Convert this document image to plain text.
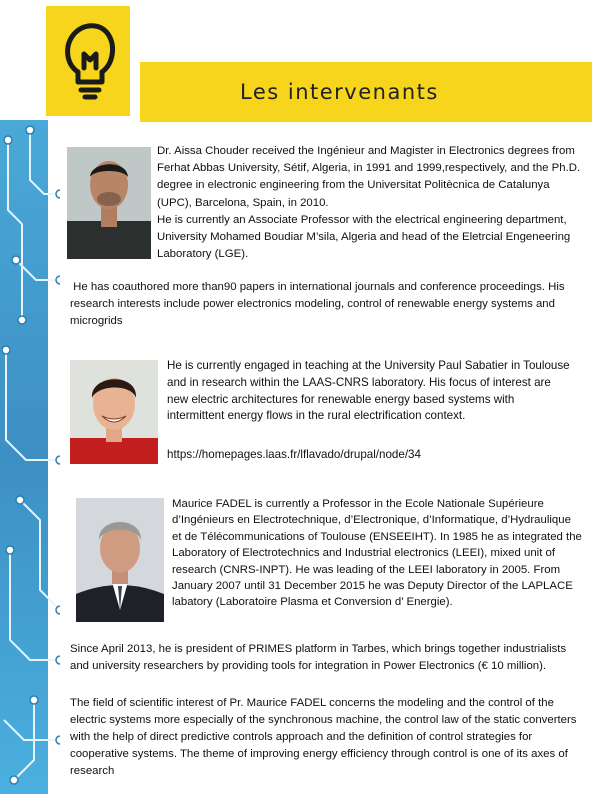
Les intervenants
Dr. Aissa Chouder received the Ingénieur and Magister in Electronics degrees from Ferhat Abbas University, Sétif, Algeria, in 1991 and 1999,respectively, and the Ph.D. degree in electronic engineering from the Universitat Politècnica de Catalunya (UPC), Barcelona, Spain, in 2010.
He is currently an Associate Professor with the electrical engineering department, University Mohamed Boudiar M’sila, Algeria and head of the Eletrcial Engeneering Laboratory (LGE).
He has coauthored more than90 papers in international journals and conference proceedings. His research interests include power electronics modeling, control of renewable energy systems and microgrids
He is currently engaged in teaching at the University Paul Sabatier in Toulouse and in research within the LAAS-CNRS laboratory. His focus of interest are new electric architectures for renewable energy based systems with intermittent energy flows in the rural electrification context.
https://homepages.laas.fr/lflavado/drupal/node/34
Maurice FADEL is currently a Professor in the Ecole Nationale Supérieure d’Ingénieurs en Electrotechnique, d’Electronique, d’Informatique, d’Hydraulique et de Télécommunications of Toulouse (ENSEEIHT). In 1985 he as integrated the Laboratory of Electrotechnics and Industrial electronics (LEEI), mixed unit of research (CNRS-INPT). He was leading of the LEEI laboratory in 2005. From January 2007 until 31 December 2015 he was Deputy Director of the LAPLACE labatory (Laboratoire Plasma et Conversion d’ Energie).
Since April 2013, he is president of PRIMES platform in Tarbes, which brings together industrialists and university researchers by providing tools for integration in Power Electronics (€ 10 million).
The field of scientific interest of Pr. Maurice FADEL concerns the modeling and the control of the electric systems more especially of the synchronous machine, the control law of the static converters with the help of direct predictive controls approach and the definition of control strategies for cooperative systems. The theme of improving energy efficiency through control is one of its axes of research
